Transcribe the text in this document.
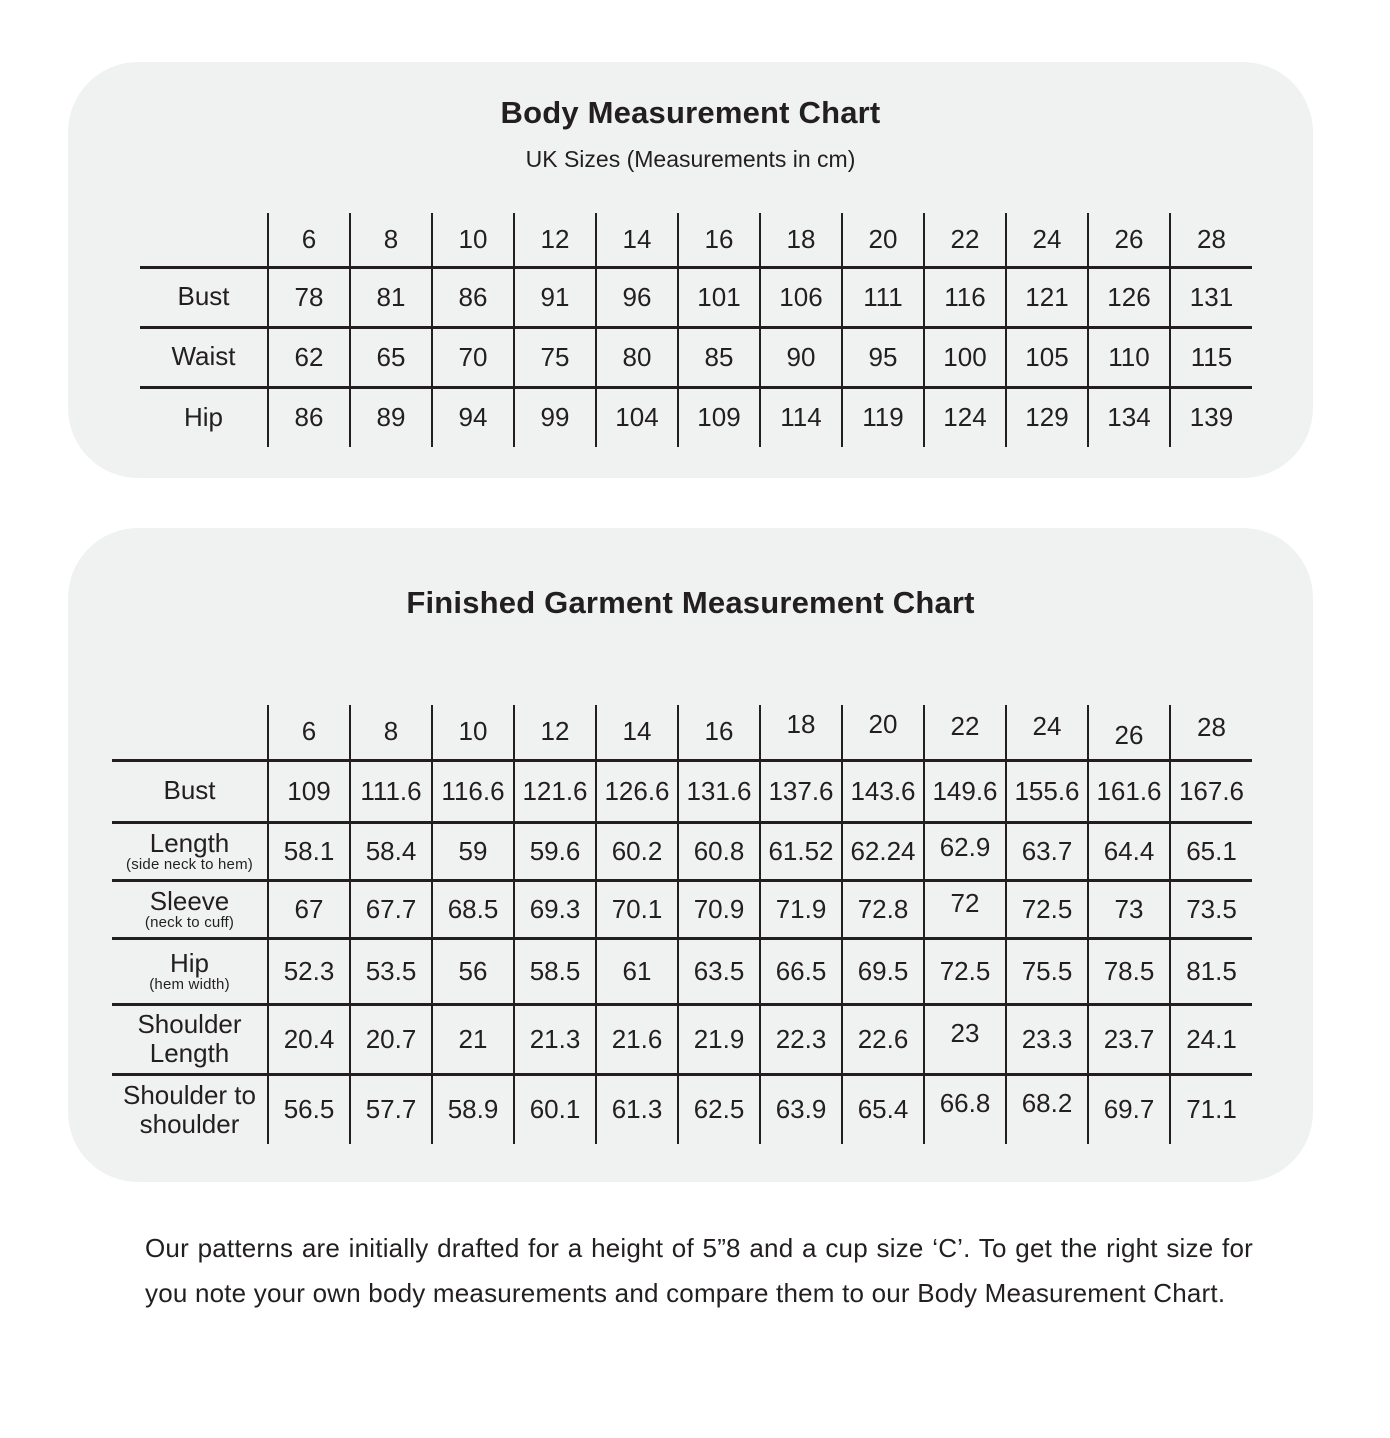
Body Measurement Chart
UK Sizes (Measurements in cm)
	6	8	10	12	14	16	18	20	22	24	26	28
Bust	78	81	86	91	96	101	106	111	116	121	126	131
Waist	62	65	70	75	80	85	90	95	100	105	110	115
Hip	86	89	94	99	104	109	114	119	124	129	134	139
Finished Garment Measurement Chart
	6	8	10	12	14	16	18	20	22	24	26	28
Bust	109	111.6	116.6	121.6	126.6	131.6	137.6	143.6	149.6	155.6	161.6	167.6
Length
(side neck to hem)	58.1	58.4	59	59.6	60.2	60.8	61.52	62.24	62.9	63.7	64.4	65.1
Sleeve
(neck to cuff)	67	67.7	68.5	69.3	70.1	70.9	71.9	72.8	72	72.5	73	73.5
Hip
(hem width)	52.3	53.5	56	58.5	61	63.5	66.5	69.5	72.5	75.5	78.5	81.5
Shoulder Length	20.4	20.7	21	21.3	21.6	21.9	22.3	22.6	23	23.3	23.7	24.1
Shoulder to shoulder	56.5	57.7	58.9	60.1	61.3	62.5	63.9	65.4	66.8	68.2	69.7	71.1

Our patterns are initially drafted for a height of 5”8 and a cup size ‘C’. To get the right size for you note your own body measurements and compare them to our Body Measurement Chart.
